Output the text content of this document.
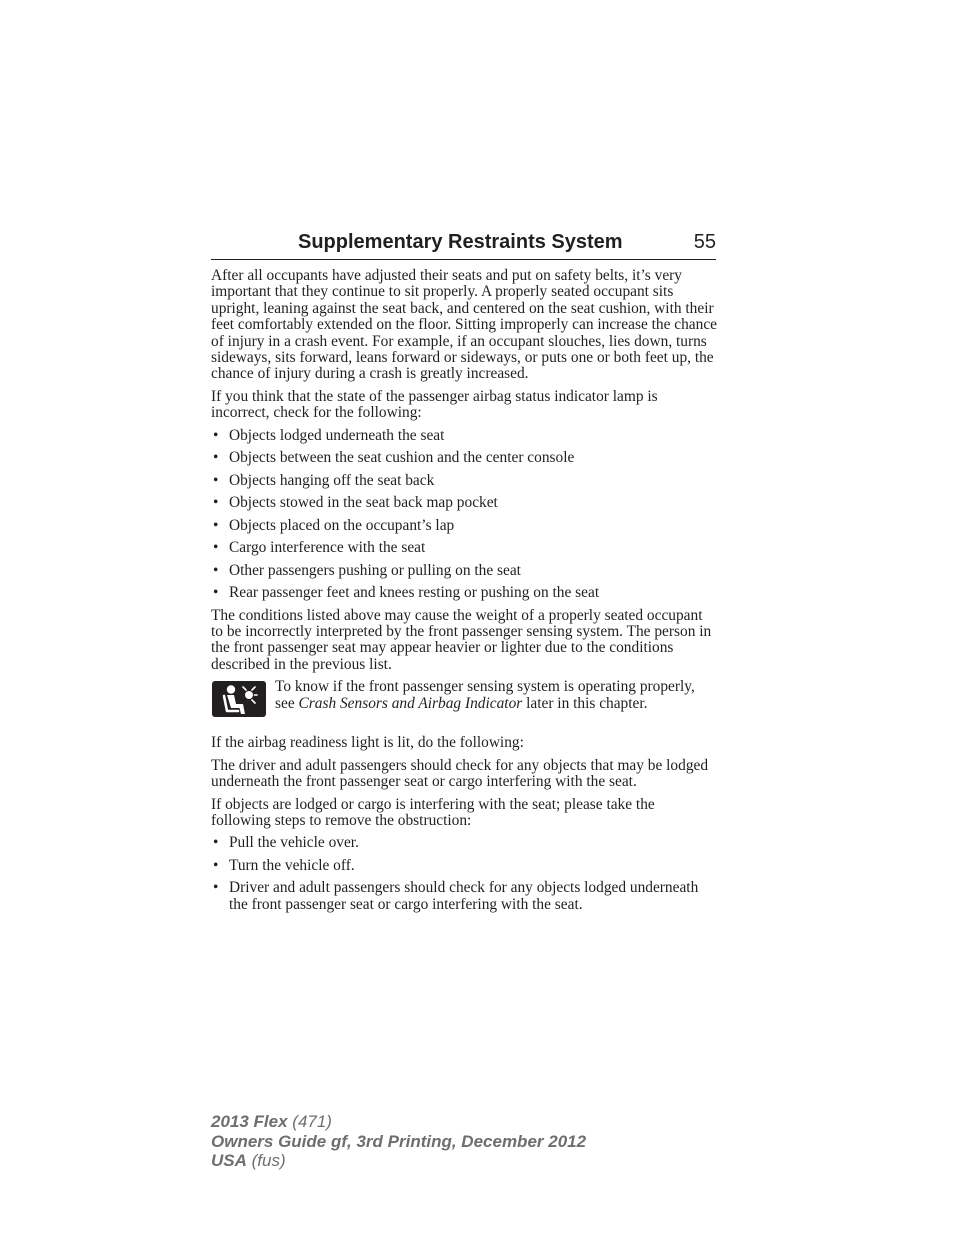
Supplementary Restraints System	55

After all occupants have adjusted their seats and put on safety belts, it’s very important that they continue to sit properly. A properly seated occupant sits upright, leaning against the seat back, and centered on the seat cushion, with their feet comfortably extended on the floor. Sitting improperly can increase the chance of injury in a crash event. For example, if an occupant slouches, lies down, turns sideways, sits forward, leans forward or sideways, or puts one or both feet up, the chance of injury during a crash is greatly increased.

If you think that the state of the passenger airbag status indicator lamp is incorrect, check for the following:

• Objects lodged underneath the seat
• Objects between the seat cushion and the center console
• Objects hanging off the seat back
• Objects stowed in the seat back map pocket
• Objects placed on the occupant’s lap
• Cargo interference with the seat
• Other passengers pushing or pulling on the seat
• Rear passenger feet and knees resting or pushing on the seat

The conditions listed above may cause the weight of a properly seated occupant to be incorrectly interpreted by the front passenger sensing system. The person in the front passenger seat may appear heavier or lighter due to the conditions described in the previous list.

To know if the front passenger sensing system is operating properly, see Crash Sensors and Airbag Indicator later in this chapter.

If the airbag readiness light is lit, do the following:

The driver and adult passengers should check for any objects that may be lodged underneath the front passenger seat or cargo interfering with the seat.

If objects are lodged or cargo is interfering with the seat; please take the following steps to remove the obstruction:

• Pull the vehicle over.
• Turn the vehicle off.
• Driver and adult passengers should check for any objects lodged underneath the front passenger seat or cargo interfering with the seat.
2013 Flex (471)
Owners Guide gf, 3rd Printing, December 2012
USA (fus)
